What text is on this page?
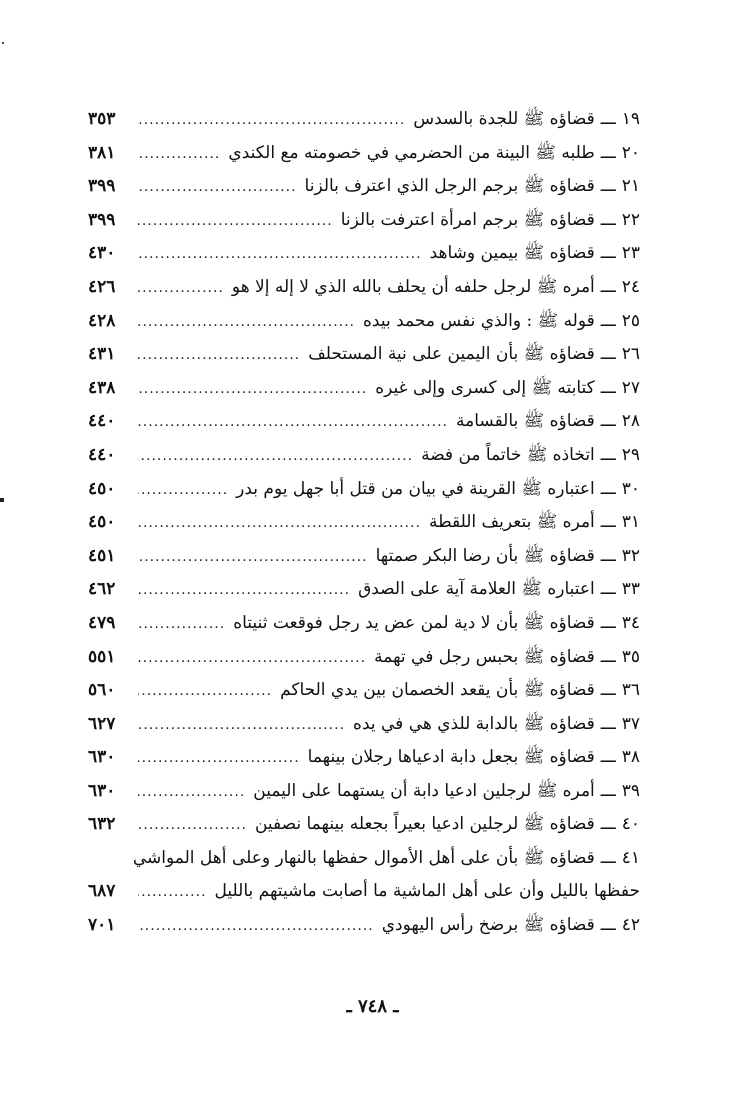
١٩
ـــ
قضاؤه ﷺ للجدة بالسدس
.....
٣٥٣
٢٠
ـــ
طلبه ﷺ البينة من الحضرمي في خصومته مع الكندي
.....
٣٨١
٢١
ـــ
قضاؤه ﷺ برجم الرجل الذي اعترف بالزنا
.....
٣٩٩
٢٢
ـــ
قضاؤه ﷺ برجم امرأة اعترفت بالزنا
.....
٣٩٩
٢٣
ـــ
قضاؤه ﷺ بيمين وشاهد
.....
٤٣٠
٢٤
ـــ
أمره ﷺ لرجل حلفه أن يحلف بالله الذي لا إله إلا هو
.....
٤٢٦
٢٥
ـــ
قوله ﷺ : والذي نفس محمد بيده
.....
٤٢٨
٢٦
ـــ
قضاؤه ﷺ بأن اليمين على نية المستحلف
.....
٤٣١
٢٧
ـــ
كتابته ﷺ إلى كسرى وإلى غيره
.....
٤٣٨
٢٨
ـــ
قضاؤه ﷺ بالقسامة
.....
٤٤٠
٢٩
ـــ
اتخاذه ﷺ خاتماً من فضة
.....
٤٤٠
٣٠
ـــ
اعتباره ﷺ القرينة في بيان من قتل أبا جهل يوم بدر
.....
٤٥٠
٣١
ـــ
أمره ﷺ بتعريف اللقطة
.....
٤٥٠
٣٢
ـــ
قضاؤه ﷺ بأن رضا البكر صمتها
.....
٤٥١
٣٣
ـــ
اعتباره ﷺ العلامة آية على الصدق
.....
٤٦٢
٣٤
ـــ
قضاؤه ﷺ بأن لا دية لمن عض يد رجل فوقعت ثنيتاه
.....
٤٧٩
٣٥
ـــ
قضاؤه ﷺ بحبس رجل في تهمة
.....
٥٥١
٣٦
ـــ
قضاؤه ﷺ بأن يقعد الخصمان بين يدي الحاكم
.....
٥٦٠
٣٧
ـــ
قضاؤه ﷺ بالدابة للذي هي في يده
.....
٦٢٧
٣٨
ـــ
قضاؤه ﷺ بجعل دابة ادعياها رجلان بينهما
.....
٦٣٠
٣٩
ـــ
أمره ﷺ لرجلين ادعيا دابة أن يستهما على اليمين
.....
٦٣٠
٤٠
ـــ
قضاؤه ﷺ لرجلين ادعيا بعيراً بجعله بينهما نصفين
.....
٦٣٢
٤١
ـــ
قضاؤه ﷺ بأن على أهل الأموال حفظها بالنهار وعلى أهل المواشي
حفظها بالليل وأن على أهل الماشية ما أصابت ماشيتهم بالليل
.....
٦٨٧
٤٢
ـــ
قضاؤه ﷺ برضخ رأس اليهودي
.....
٧٠١
ـ ٧٤٨ ـ
